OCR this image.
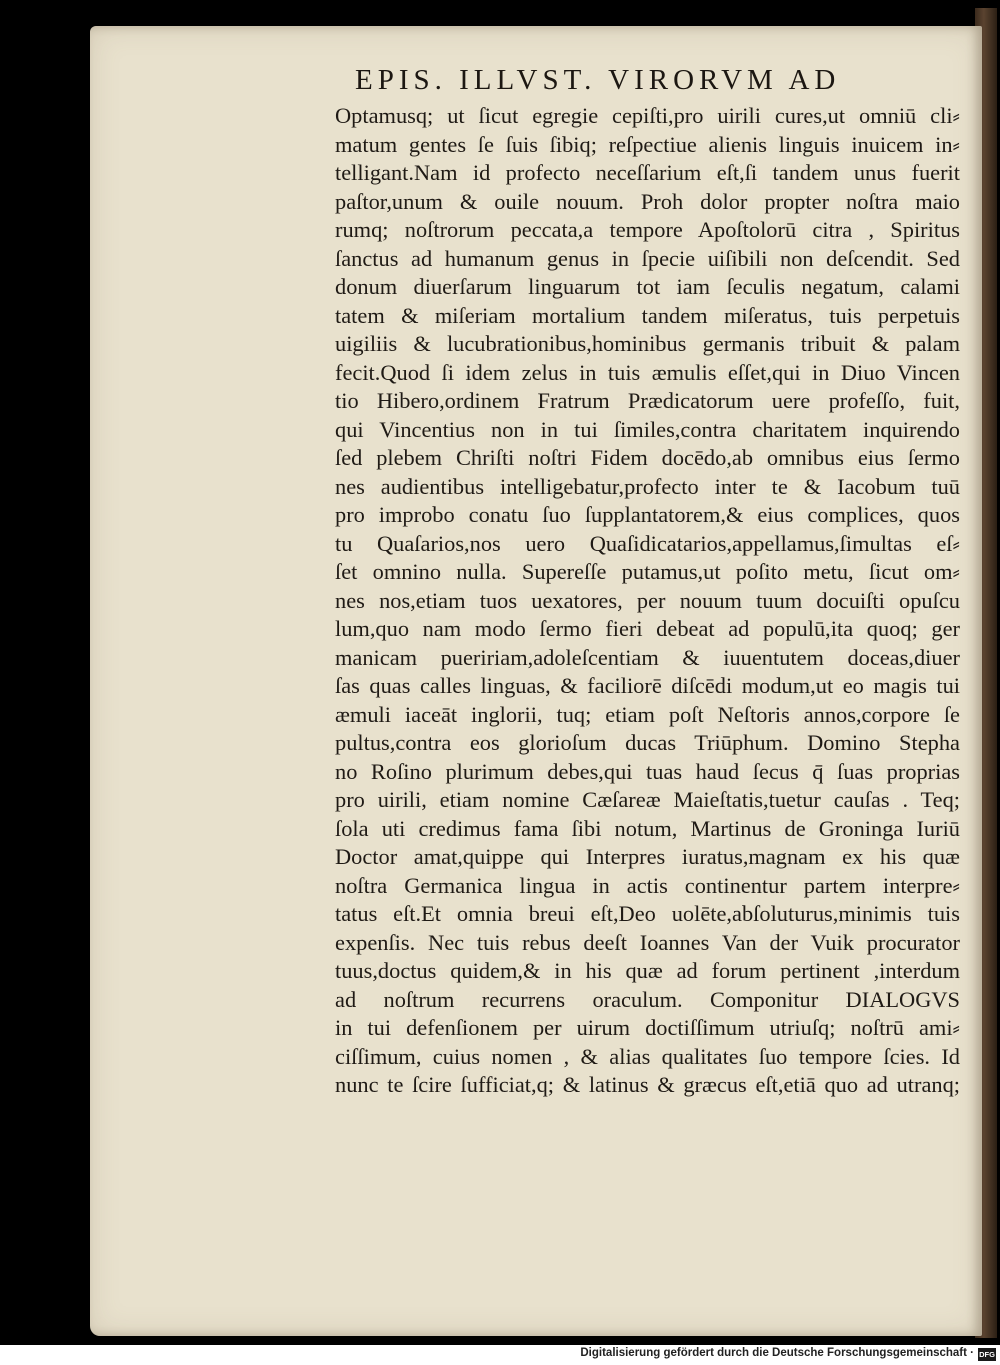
EPIS. ILLVST. VIRORVM AD
Optamusq; ut ſicut egregie cepiſti,pro uirili cures,ut omniū cli⸗
matum gentes ſe ſuis ſibiq; reſpectiue alienis linguis inuicem in⸗
telligant.Nam id profecto neceſſarium eſt,ſi tandem unus fuerit
paſtor,unum & ouile nouum. Proh dolor propter noſtra maio
rumq; noſtrorum peccata,a tempore Apoſtolorū citra , Spiritus
ſanctus ad humanum genus in ſpecie uiſibili non deſcendit. Sed
donum diuerſarum linguarum tot iam ſeculis negatum, calami
tatem & miſeriam mortalium tandem miſeratus, tuis perpetuis
uigiliis & lucubrationibus,hominibus germanis tribuit & palam
fecit.Quod ſi idem zelus in tuis æmulis eſſet,qui in Diuo Vincen
tio Hibero,ordinem Fratrum Prædicatorum uere profeſſo, fuit,
qui Vincentius non in tui ſimiles,contra charitatem inquirendo
ſed plebem Chriſti noſtri Fidem docēdo,ab omnibus eius ſermo
nes audientibus intelligebatur,profecto inter te & Iacobum tuū
pro improbo conatu ſuo ſupplantatorem,& eius complices, quos
tu Quaſarios,nos uero Quaſidicatarios,appellamus,ſimultas eſ⸗
ſet omnino nulla. Supereſſe putamus,ut poſito metu, ſicut om⸗
nes nos,etiam tuos uexatores, per nouum tuum docuiſti opuſcu
lum,quo nam modo ſermo fieri debeat ad populū,ita quoq; ger
manicam pueririam,adoleſcentiam & iuuentutem doceas,diuer
ſas quas calles linguas, & faciliorē diſcēdi modum,ut eo magis tui
æmuli iaceāt inglorii, tuq; etiam poſt Neſtoris annos,corpore ſe
pultus,contra eos glorioſum ducas Triūphum. Domino Stepha
no Roſino plurimum debes,qui tuas haud ſecus q̄ ſuas proprias
pro uirili, etiam nomine Cæſareæ Maieſtatis,tuetur cauſas . Teq;
ſola uti credimus fama ſibi notum, Martinus de Groninga Iuriū
Doctor amat,quippe qui Interpres iuratus,magnam ex his quæ
noſtra Germanica lingua in actis continentur partem interpre⸗
tatus eſt.Et omnia breui eſt,Deo uolēte,abſoluturus,minimis tuis
expenſis. Nec tuis rebus deeſt Ioannes Van der Vuik procurator
tuus,doctus quidem,& in his quæ ad forum pertinent ,interdum
ad noſtrum recurrens oraculum. Componitur DIALOGVS
in tui defenſionem per uirum doctiſſimum utriuſq; noſtrū ami⸗
ciſſimum, cuius nomen , & alias qualitates ſuo tempore ſcies. Id
nunc te ſcire ſufficiat,q; & latinus & græcus eſt,etiā quo ad utranq;
Digitalisierung gefördert durch die Deutsche Forschungsgemeinschaft · DFG
